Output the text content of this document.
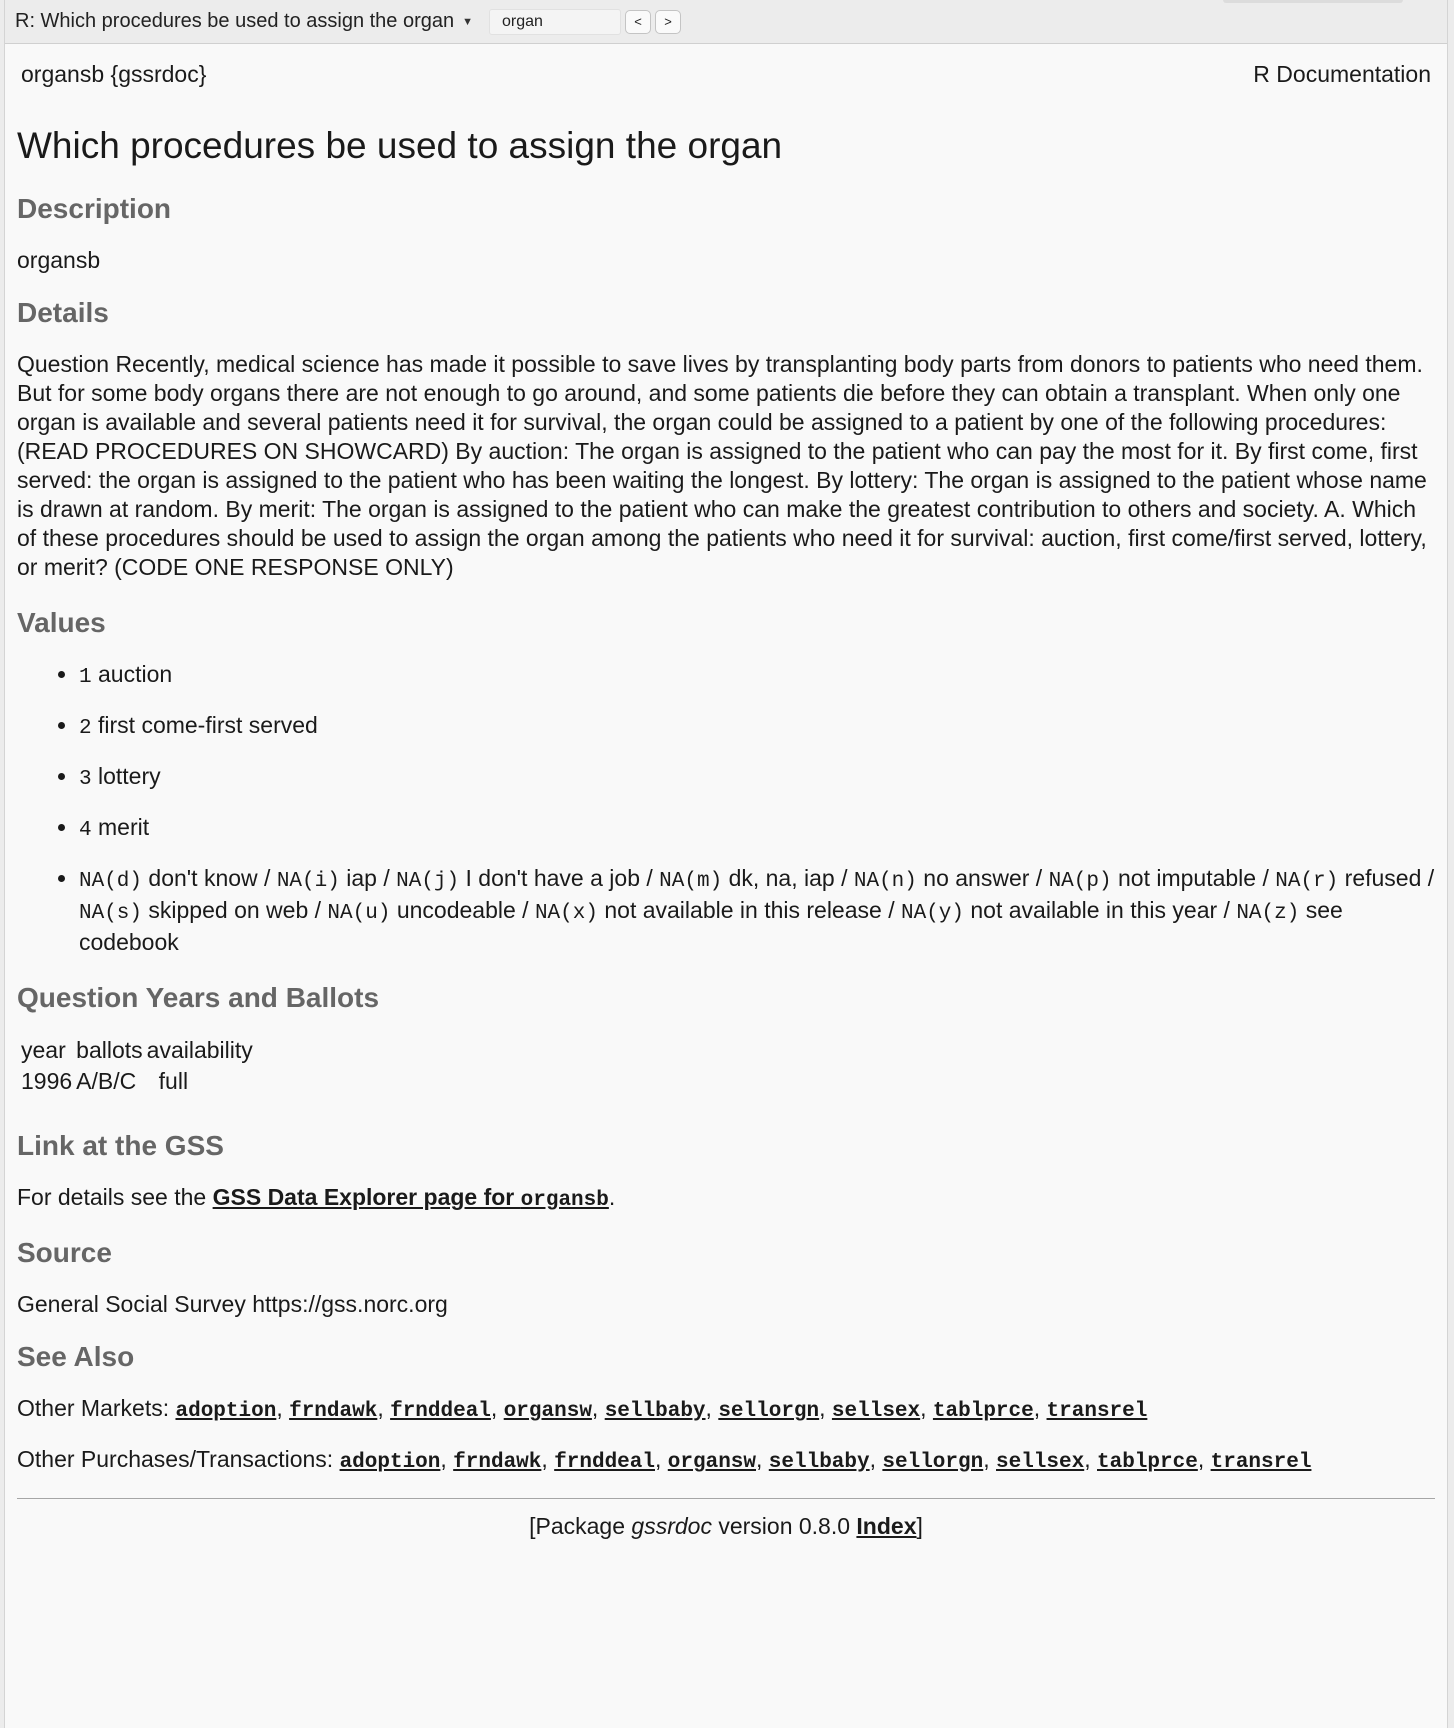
R: Which procedures be used to assign the organ ▼
organ	<	>
organsb {gssrdoc}	R Documentation
Which procedures be used to assign the organ
Description

organsb

Details

Question Recently, medical science has made it possible to save lives by transplanting body parts from donors to patients who need them. But for some body organs there are not enough to go around, and some patients die before they can obtain a transplant. When only one organ is available and several patients need it for survival, the organ could be assigned to a patient by one of the following procedures: (READ PROCEDURES ON SHOWCARD) By auction: The organ is assigned to the patient who can pay the most for it. By first come, first served: the organ is assigned to the patient who has been waiting the longest. By lottery: The organ is assigned to the patient whose name is drawn at random. By merit: The organ is assigned to the patient who can make the greatest contribution to others and society. A. Which of these procedures should be used to assign the organ among the patients who need it for survival: auction, first come/first served, lottery, or merit? (CODE ONE RESPONSE ONLY)

Values
• 1 auction
• 2 first come-first served
• 3 lottery
• 4 merit
• NA(d) don't know / NA(i) iap / NA(j) I don't have a job / NA(m) dk, na, iap / NA(n) no answer / NA(p) not imputable / NA(r) refused / NA(s) skipped on web / NA(u) uncodeable / NA(x) not available in this release / NA(y) not available in this year / NA(z) see codebook
Question Years and Ballots
year	ballots	availability
1996	A/B/C	full
Link at the GSS

For details see the GSS Data Explorer page for organsb.

Source

General Social Survey https://gss.norc.org

See Also

Other Markets: adoption, frndawk, frnddeal, organsw, sellbaby, sellorgn, sellsex, tablprce, transrel

Other Purchases/Transactions: adoption, frndawk, frnddeal, organsw, sellbaby, sellorgn, sellsex, tablprce, transrel

[Package gssrdoc version 0.8.0 Index]
